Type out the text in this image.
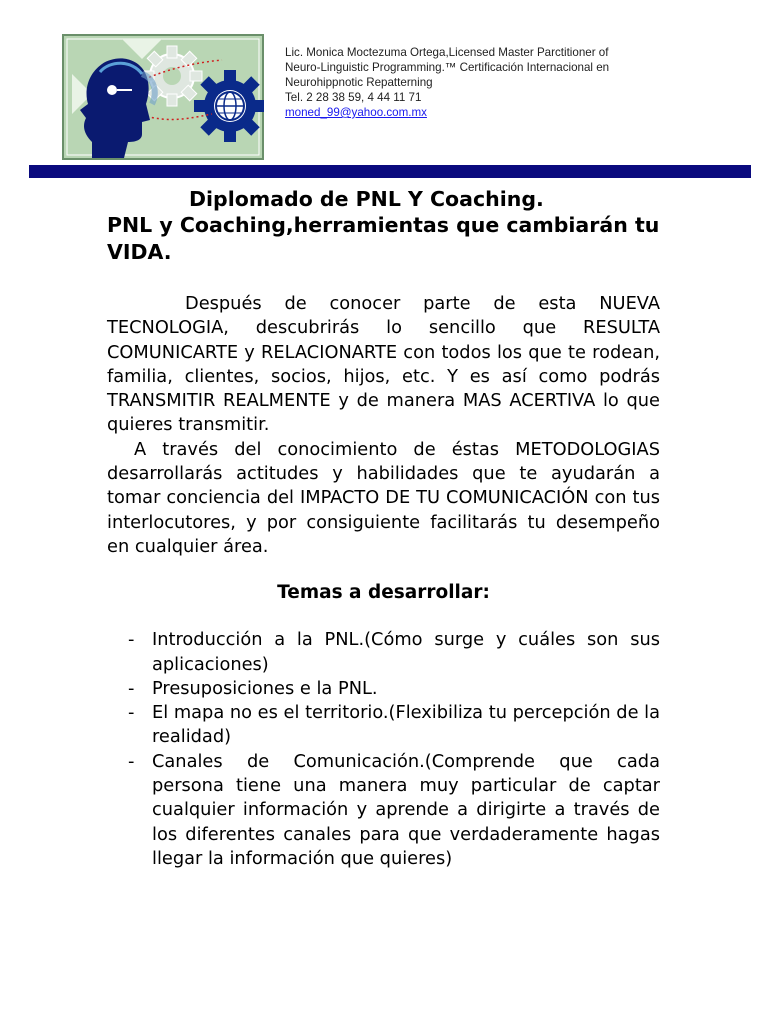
Lic. Monica Moctezuma Ortega,Licensed Master Parctitioner of
Neuro-Linguistic Programming.™ Certificación Internacional en
Neurohippnotic Repatterning
Tel. 2 28 38 59, 4 44 11 71
moned_99@yahoo.com.mx
Diplomado de PNL Y Coaching.
PNL y Coaching,herramientas que cambiarán tu VIDA.

Después de conocer parte de esta NUEVA TECNOLOGIA, descubrirás lo sencillo que RESULTA COMUNICARTE y RELACIONARTE con todos los que te rodean, familia, clientes, socios, hijos, etc. Y es así como podrás TRANSMITIR REALMENTE y de manera MAS ACERTIVA lo que quieres transmitir.

A través del conocimiento de éstas METODOLOGIAS desarrollarás actitudes y habilidades que te ayudarán a tomar conciencia del IMPACTO DE TU COMUNICACIÓN con tus interlocutores, y por consiguiente facilitarás tu desempeño en cualquier área.

Temas a desarrollar:
- Introducción a la PNL.(Cómo surge y cuáles son sus aplicaciones)
- Presuposiciones e la PNL.
- El mapa no es el territorio.(Flexibiliza tu percepción de la realidad)
- Canales de Comunicación.(Comprende que cada persona tiene una manera muy particular de captar cualquier información y aprende a dirigirte a través de los diferentes canales para que verdaderamente hagas llegar la información que quieres)
